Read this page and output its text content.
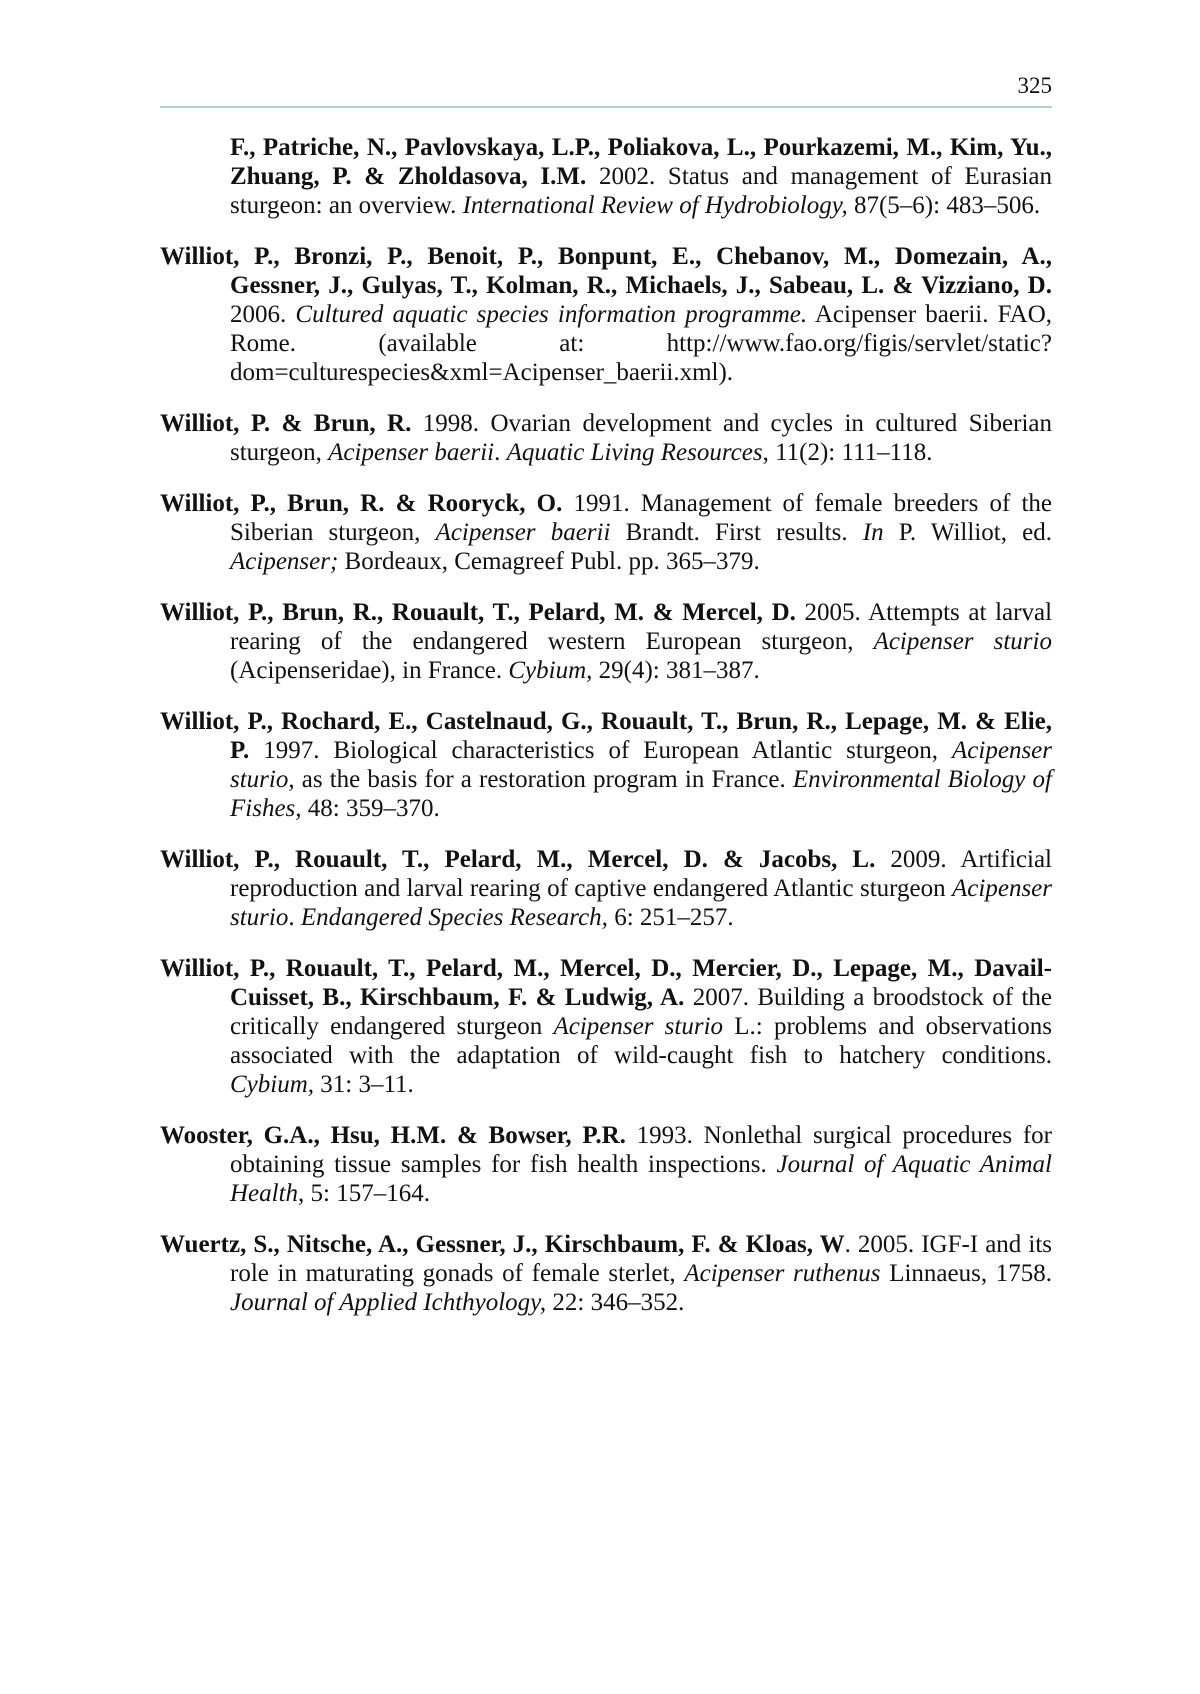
325

F., Patriche, N., Pavlovskaya, L.P., Poliakova, L., Pourkazemi, M., Kim, Yu., Zhuang, P. & Zholdasova, I.M. 2002. Status and management of Eurasian sturgeon: an overview. International Review of Hydrobiology, 87(5–6): 483–506.

Williot, P., Bronzi, P., Benoit, P., Bonpunt, E., Chebanov, M., Domezain, A., Gessner, J., Gulyas, T., Kolman, R., Michaels, J., Sabeau, L. & Vizziano, D. 2006. Cultured aquatic species information programme. Acipenser baerii. FAO, Rome. (available at: http://www.fao.org/figis/servlet/static?dom=culturespecies&xml=Acipenser_baerii.xml).

Williot, P. & Brun, R. 1998. Ovarian development and cycles in cultured Siberian sturgeon, Acipenser baerii. Aquatic Living Resources, 11(2): 111–118.

Williot, P., Brun, R. & Rooryck, O. 1991. Management of female breeders of the Siberian sturgeon, Acipenser baerii Brandt. First results. In P. Williot, ed. Acipenser; Bordeaux, Cemagreef Publ. pp. 365–379.

Williot, P., Brun, R., Rouault, T., Pelard, M. & Mercel, D. 2005. Attempts at larval rearing of the endangered western European sturgeon, Acipenser sturio (Acipenseridae), in France. Cybium, 29(4): 381–387.

Williot, P., Rochard, E., Castelnaud, G., Rouault, T., Brun, R., Lepage, M. & Elie, P. 1997. Biological characteristics of European Atlantic sturgeon, Acipenser sturio, as the basis for a restoration program in France. Environmental Biology of Fishes, 48: 359–370.

Williot, P., Rouault, T., Pelard, M., Mercel, D. & Jacobs, L. 2009. Artificial reproduction and larval rearing of captive endangered Atlantic sturgeon Acipenser sturio. Endangered Species Research, 6: 251–257.

Williot, P., Rouault, T., Pelard, M., Mercel, D., Mercier, D., Lepage, M., Davail-Cuisset, B., Kirschbaum, F. & Ludwig, A. 2007. Building a broodstock of the critically endangered sturgeon Acipenser sturio L.: problems and observations associated with the adaptation of wild-caught fish to hatchery conditions. Cybium, 31: 3–11.

Wooster, G.A., Hsu, H.M. & Bowser, P.R. 1993. Nonlethal surgical procedures for obtaining tissue samples for fish health inspections. Journal of Aquatic Animal Health, 5: 157–164.

Wuertz, S., Nitsche, A., Gessner, J., Kirschbaum, F. & Kloas, W. 2005. IGF-I and its role in maturating gonads of female sterlet, Acipenser ruthenus Linnaeus, 1758. Journal of Applied Ichthyology, 22: 346–352.
